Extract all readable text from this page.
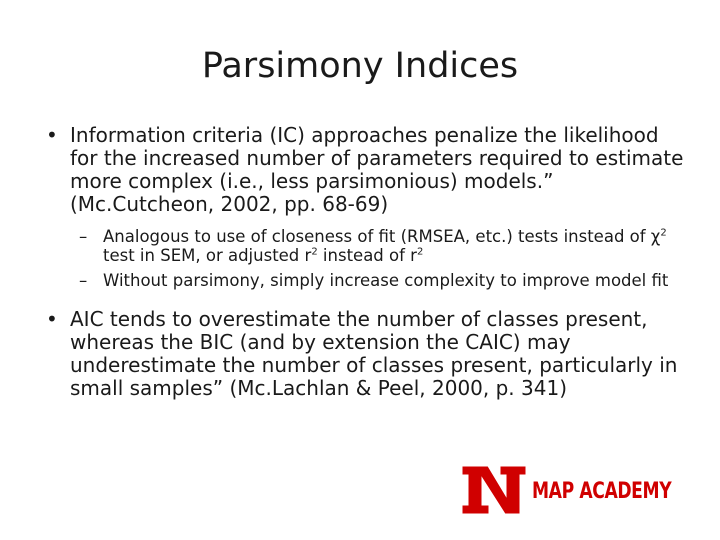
Parsimony Indices
• Information criteria (IC) approaches penalize the likelihood for the increased number of parameters required to estimate more complex (i.e., less parsimonious) models.” (Mc.Cutcheon, 2002, pp. 68-69)
– Analogous to use of closeness of fit (RMSEA, etc.) tests instead of $\chi^2$ test in SEM, or adjusted $r^2$ instead of $r^2$
– Without parsimony, simply increase complexity to improve model fit
• AIC tends to overestimate the number of classes present, whereas the BIC (and by extension the CAIC) may underestimate the number of classes present, particularly in small samples” (Mc.Lachlan & Peel, 2000, p. 341)
MAP ACADEMY
